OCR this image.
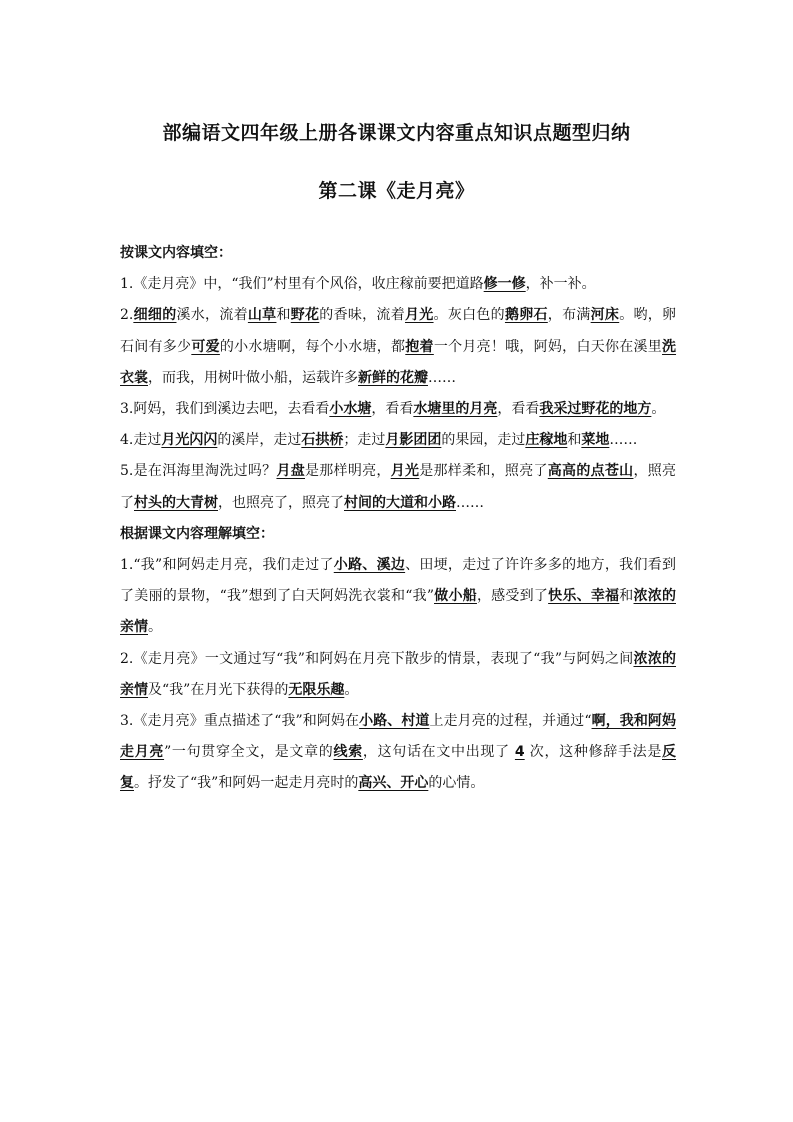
部编语文四年级上册各课课文内容重点知识点题型归纳
第二课《走月亮》

按课文内容填空：

1.《走月亮》中，“我们”村里有个风俗，收庄稼前要把道路修一修，补一补。

2.细细的溪水，流着山草和野花的香味，流着月光。灰白色的鹅卵石，布满河床。哟，卵石间有多少可爱的小水塘啊，每个小水塘，都抱着一个月亮！哦，阿妈，白天你在溪里洗衣裳，而我，用树叶做小船，运载许多新鲜的花瓣……

3.阿妈，我们到溪边去吧，去看看小水塘，看看水塘里的月亮，看看我采过野花的地方。

4.走过月光闪闪的溪岸，走过石拱桥；走过月影团团的果园，走过庄稼地和菜地……

5.是在洱海里淘洗过吗？月盘是那样明亮，月光是那样柔和，照亮了高高的点苍山，照亮了村头的大青树，也照亮了，照亮了村间的大道和小路……

根据课文内容理解填空：

1.“我”和阿妈走月亮，我们走过了小路、溪边、田埂，走过了许许多多的地方，我们看到了美丽的景物，“我”想到了白天阿妈洗衣裳和“我”做小船，感受到了快乐、幸福和浓浓的亲情。

2.《走月亮》一文通过写“我”和阿妈在月亮下散步的情景，表现了“我”与阿妈之间浓浓的亲情及“我”在月光下获得的无限乐趣。

3.《走月亮》重点描述了“我”和阿妈在小路、村道上走月亮的过程，并通过“啊，我和阿妈走月亮”一句贯穿全文，是文章的线索，这句话在文中出现了 4 次，这种修辞手法是反复。抒发了“我”和阿妈一起走月亮时的高兴、开心的心情。
